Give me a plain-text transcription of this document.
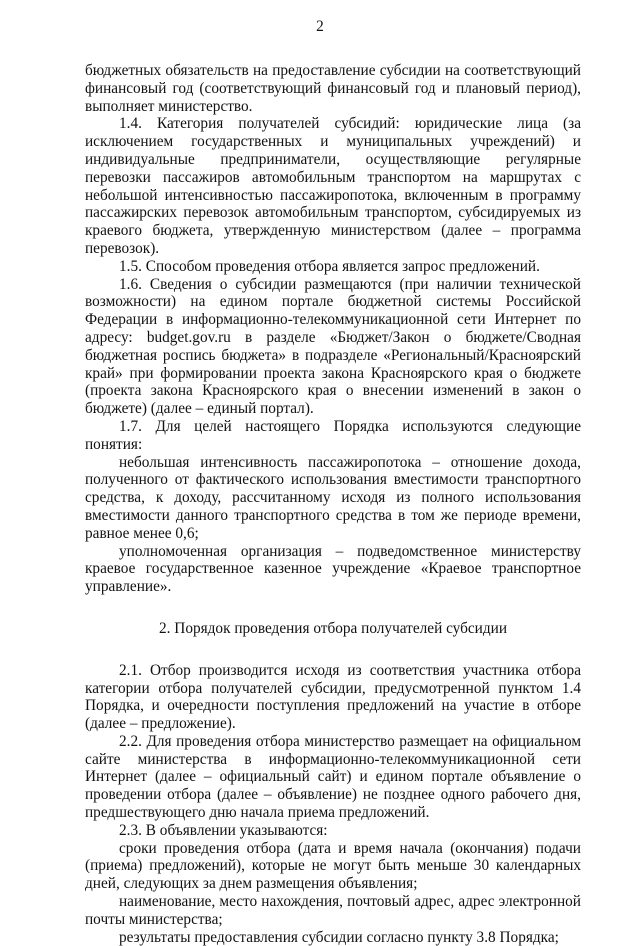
2

бюджетных обязательств на предоставление субсидии на соответствующий финансовый год (соответствующий финансовый год и плановый период), выполняет министерство.

1.4. Категория получателей субсидий: юридические лица (за исключением государственных и муниципальных учреждений) и индивидуальные предприниматели, осуществляющие регулярные перевозки пассажиров автомобильным транспортом на маршрутах с небольшой интенсивностью пассажиропотока, включенным в программу пассажирских перевозок автомобильным транспортом, субсидируемых из краевого бюджета, утвержденную министерством (далее – программа перевозок).

1.5. Способом проведения отбора является запрос предложений.

1.6. Сведения о субсидии размещаются (при наличии технической возможности) на едином портале бюджетной системы Российской Федерации в информационно-телекоммуникационной сети Интернет по адресу: budget.gov.ru в разделе «Бюджет/Закон о бюджете/Сводная бюджетная роспись бюджета» в подразделе «Региональный/Красноярский край» при формировании проекта закона Красноярского края о бюджете (проекта закона Красноярского края о внесении изменений в закон о бюджете) (далее – единый портал).

1.7. Для целей настоящего Порядка используются следующие понятия:

небольшая интенсивность пассажиропотока – отношение дохода, полученного от фактического использования вместимости транспортного средства, к доходу, рассчитанному исходя из полного использования вместимости данного транспортного средства в том же периоде времени, равное менее 0,6;

уполномоченная организация – подведомственное министерству краевое государственное казенное учреждение «Краевое транспортное управление».

2. Порядок проведения отбора получателей субсидии

2.1. Отбор производится исходя из соответствия участника отбора категории отбора получателей субсидии, предусмотренной пунктом 1.4 Порядка, и очередности поступления предложений на участие в отборе (далее – предложение).

2.2. Для проведения отбора министерство размещает на официальном сайте министерства в информационно-телекоммуникационной сети Интернет (далее – официальный сайт) и едином портале объявление о проведении отбора (далее – объявление) не позднее одного рабочего дня, предшествующего дню начала приема предложений.

2.3. В объявлении указываются:

сроки проведения отбора (дата и время начала (окончания) подачи (приема) предложений), которые не могут быть меньше 30 календарных дней, следующих за днем размещения объявления;

наименование, место нахождения, почтовый адрес, адрес электронной почты министерства;

результаты предоставления субсидии согласно пункту 3.8 Порядка;
